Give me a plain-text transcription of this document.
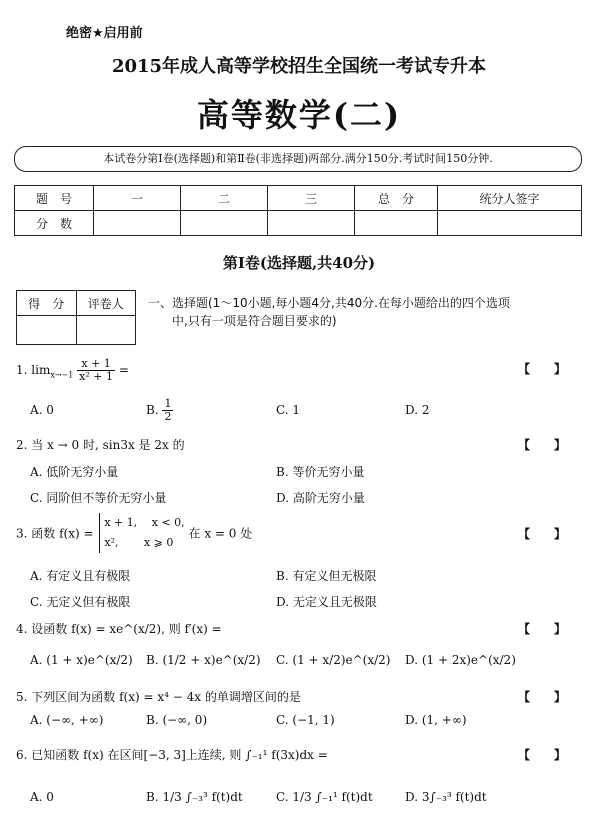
绝密★启用前
2015年成人高等学校招生全国统一考试专升本
高等数学(二)
本试卷分第Ⅰ卷(选择题)和第Ⅱ卷(非选择题)两部分.满分150分.考试时间150分钟.
题　号	一	二	三	总　分	统分人签字
分　数					
第Ⅰ卷(选择题,共40分)
得　分	评卷人
	一、选择题(1～10小题,每小题4分,共40分.在每小题给出的四个选项
中,只有一项是符合题目要求的)
1. $\lim_{x\to-1} \frac{x + 1}{\text{x² + 1}}$ =	【　　】
A. 0	B. $\frac{1}{2}$	C. 1	D. 2
2. 当 x → 0 时, sin3x 是 2x 的	【　　】
A. 低阶无穷小量	B. 等价无穷小量
C. 同阶但不等价无穷小量	D. 高阶无穷小量
3. 函数 f(x) =
x + 1,　 x < 0,
x²,　　 x ⩾ 0
在 x = 0 处	【　　】
A. 有定义且有极限	B. 有定义但无极限
C. 无定义但有极限	D. 无定义且无极限
4. 设函数 f(x) = xe^(x/2), 则 f′(x) =	【　　】
A. (1 + x)e^(x/2) B. (1/2 + x)e^(x/2) C. (1 + x/2)e^(x/2) D. (1 + 2x)e^(x/2)
5. 下列区间为函数 f(x) = x⁴ − 4x 的单调增区间的是	【　　】
A. (−∞, +∞)	B. (−∞, 0)	C. (−1, 1)	D. (1, +∞)
6. 已知函数 f(x) 在区间[−3, 3]上连续, 则 ∫₋₁¹ f(3x)dx =	【　　】
A. 0	B. 1/3 ∫₋₃³ f(t)dt	C. 1/3 ∫₋₁¹ f(t)dt	D. 3∫₋₃³ f(t)dt
